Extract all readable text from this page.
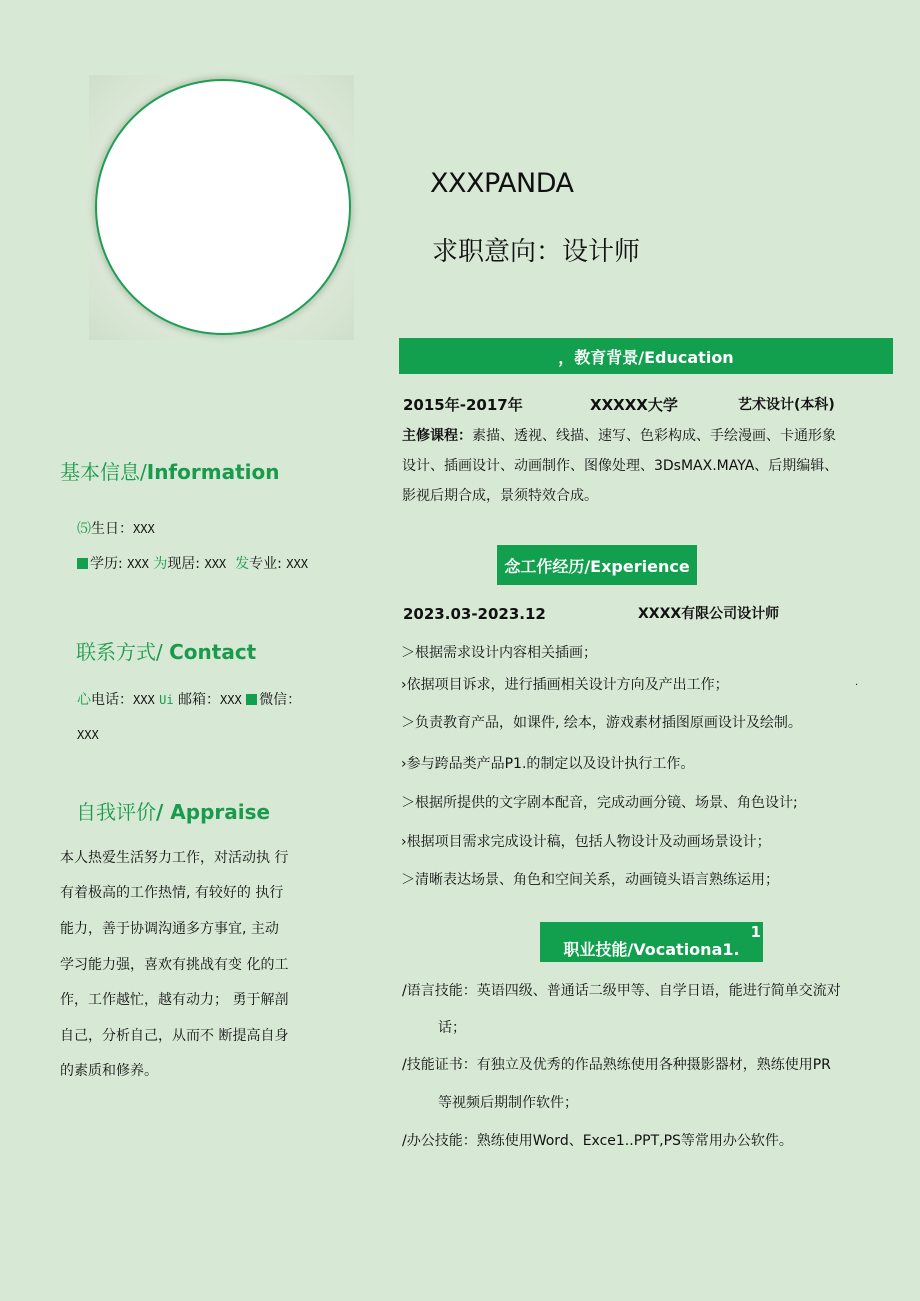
XXXPANDA
求职意向：设计师
，教育背景/Education
2015年-2017年	XXXXX大学	艺术设计(本科)
主修课程：素描、透视、线描、速写、色彩构成、手绘漫画、卡通形象
设计、插画设计、动画制作、图像处理、3DsMAX.MAYA、后期编辑、
影视后期合成，景须特效合成。
念工作经历/Experience
2023.03-2023.12	XXXX有限公司设计师
＞根据需求设计内容相关插画；
›依据项目诉求，进行插画相关设计方向及产出工作；	.
＞负责教育产品，如课件, 绘本，游戏素材插图原画设计及绘制。
›参与跨品类产品P1.的制定以及设计执行工作。
＞根据所提供的文字剧本配音，完成动画分镜、场景、角色设计;
›根据项目需求完成设计稿，包括人物设计及动画场景设计；
＞清晰表达场景、角色和空间关系，动画镜头语言熟练运用；
职业技能/Vocationa1.
1
/语言技能：英语四级、普通话二级甲等、自学日语，能进行简单交流对
话；
/技能证书：有独立及优秀的作品熟练使用各种摄影器材，熟练使用PR
等视频后期制作软件；
/办公技能：熟练使用Word、Exce1..PPT,PS等常用办公软件。
基本信息/Information
⑸生日：XXX
学历: XXX 为现居: XXX 发专业: XXX
联系方式/ Contact
心电话：XXX Ui 邮箱：XXX 微信：
XXX
自我评价/ Appraise
本人热爱生活努力工作，对活动执 行
有着极高的工作热情, 有较好的 执行
能力，善于协调沟通多方事宜, 主动
学习能力强，喜欢有挑战有变 化的工
作，工作越忙，越有动力； 勇于解剖
自己，分析自己，从而不 断提高自身
的素质和修养。
